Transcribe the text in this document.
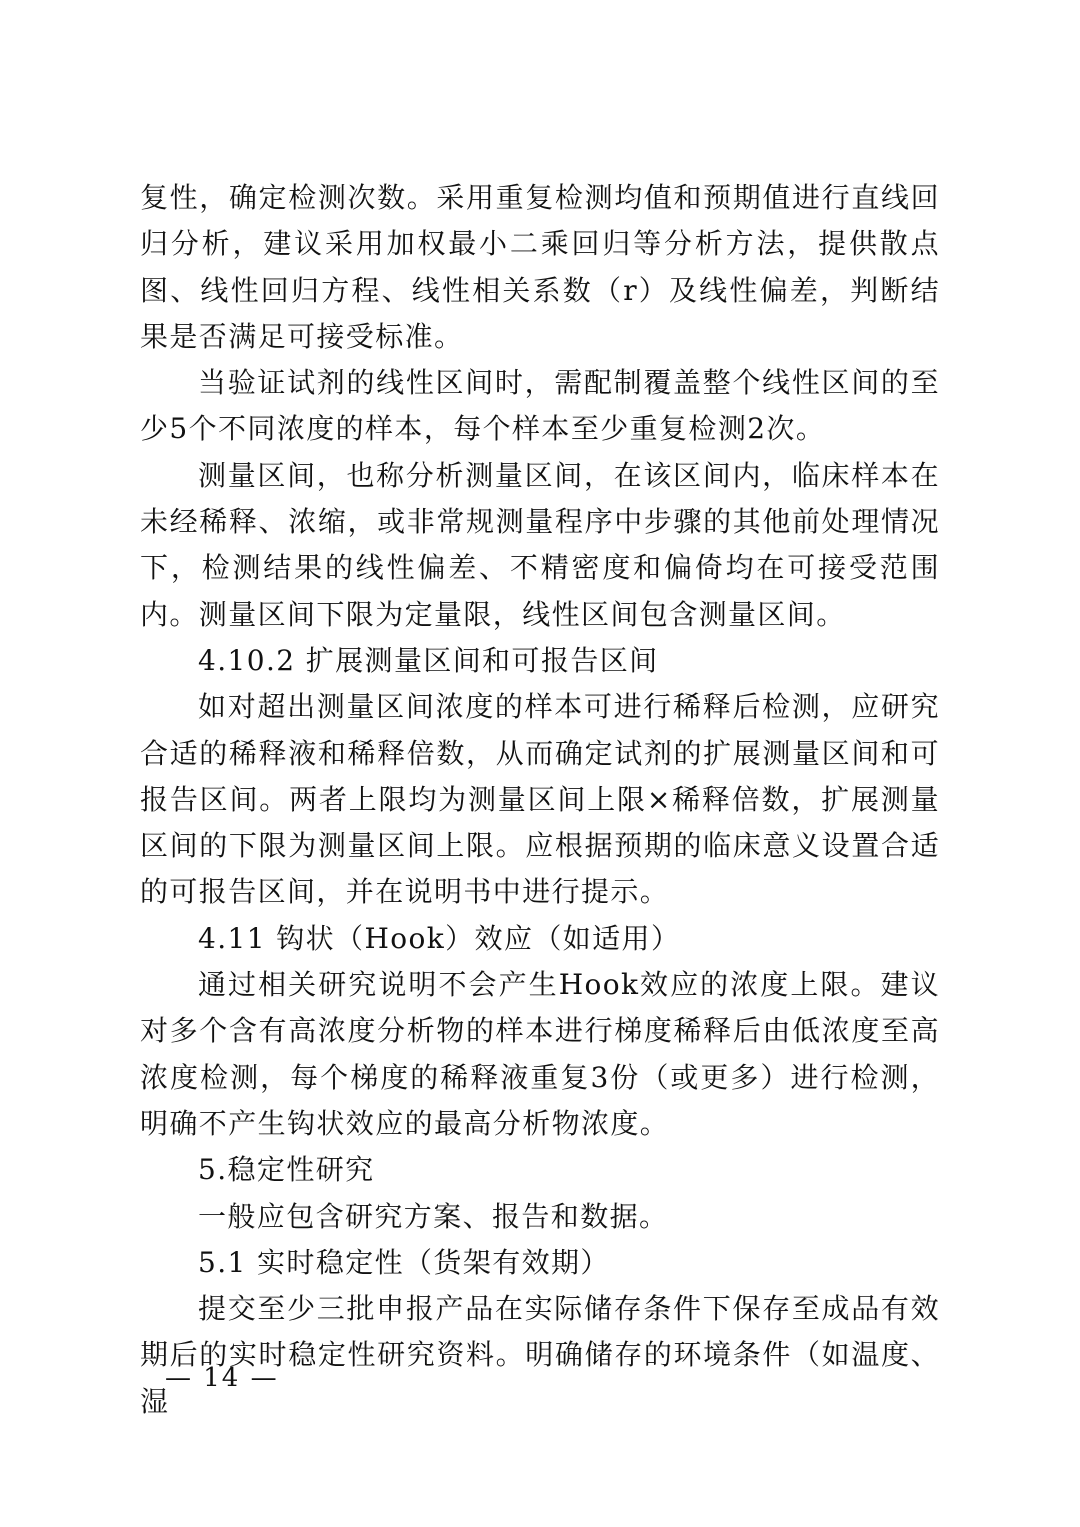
复性，确定检测次数。采用重复检测均值和预期值进行直线回归分析，建议采用加权最小二乘回归等分析方法，提供散点图、线性回归方程、线性相关系数（r）及线性偏差，判断结果是否满足可接受标准。

当验证试剂的线性区间时，需配制覆盖整个线性区间的至少5个不同浓度的样本，每个样本至少重复检测2次。

测量区间，也称分析测量区间，在该区间内，临床样本在未经稀释、浓缩，或非常规测量程序中步骤的其他前处理情况下，检测结果的线性偏差、不精密度和偏倚均在可接受范围内。测量区间下限为定量限，线性区间包含测量区间。

4.10.2 扩展测量区间和可报告区间

如对超出测量区间浓度的样本可进行稀释后检测，应研究合适的稀释液和稀释倍数，从而确定试剂的扩展测量区间和可报告区间。两者上限均为测量区间上限×稀释倍数，扩展测量区间的下限为测量区间上限。应根据预期的临床意义设置合适的可报告区间，并在说明书中进行提示。

4.11 钩状（Hook）效应（如适用）

通过相关研究说明不会产生Hook效应的浓度上限。建议对多个含有高浓度分析物的样本进行梯度稀释后由低浓度至高浓度检测，每个梯度的稀释液重复3份（或更多）进行检测，明确不产生钩状效应的最高分析物浓度。

5.稳定性研究

一般应包含研究方案、报告和数据。

5.1 实时稳定性（货架有效期）

提交至少三批申报产品在实际储存条件下保存至成品有效期后的实时稳定性研究资料。明确储存的环境条件（如温度、湿

— 14 —
